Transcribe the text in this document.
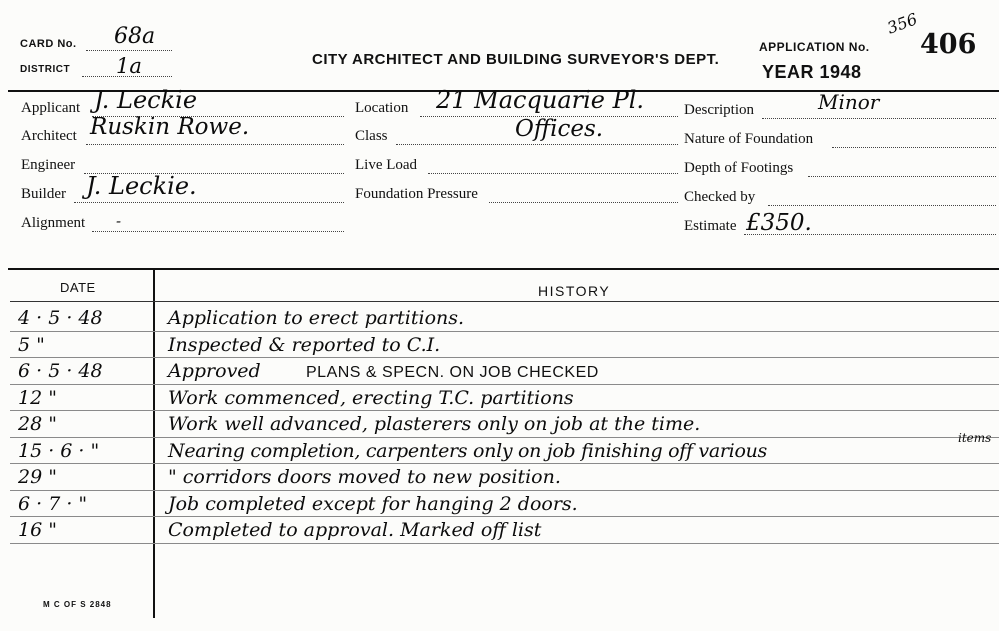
CARD No. 68a
DISTRICT 1a	CITY ARCHITECT AND BUILDING SURVEYOR'S DEPT.
APPLICATION No.
356
406
YEAR 1948
Applicant J. Leckie
Architect Ruskin Rowe.
Engineer
Builder J. Leckie.
Alignment -
Location 21 Macquarie Pl.
Class	Offices.
Live Load
Foundation Pressure
Description	Minor
Nature of Foundation
Depth of Footings
Checked by
Estimate £350.
DATE	HISTORY
4 · 5 · 48	Application to erect partitions.
5 "	Inspected & reported to C.I.
6 · 5 · 48	Approved	PLANS & SPECN. ON JOB CHECKED
12 "	Work commenced, erecting T.C. partitions
28 "	Work well advanced, plasterers only on job at the time.
15 · 6 · "	Nearing completion, carpenters only on job finishing off various
items
29 "	" corridors doors moved to new position.
6 · 7 · "	Job completed except for hanging 2 doors.
16 "	Completed to approval. Marked off list
M C OF S 2848
